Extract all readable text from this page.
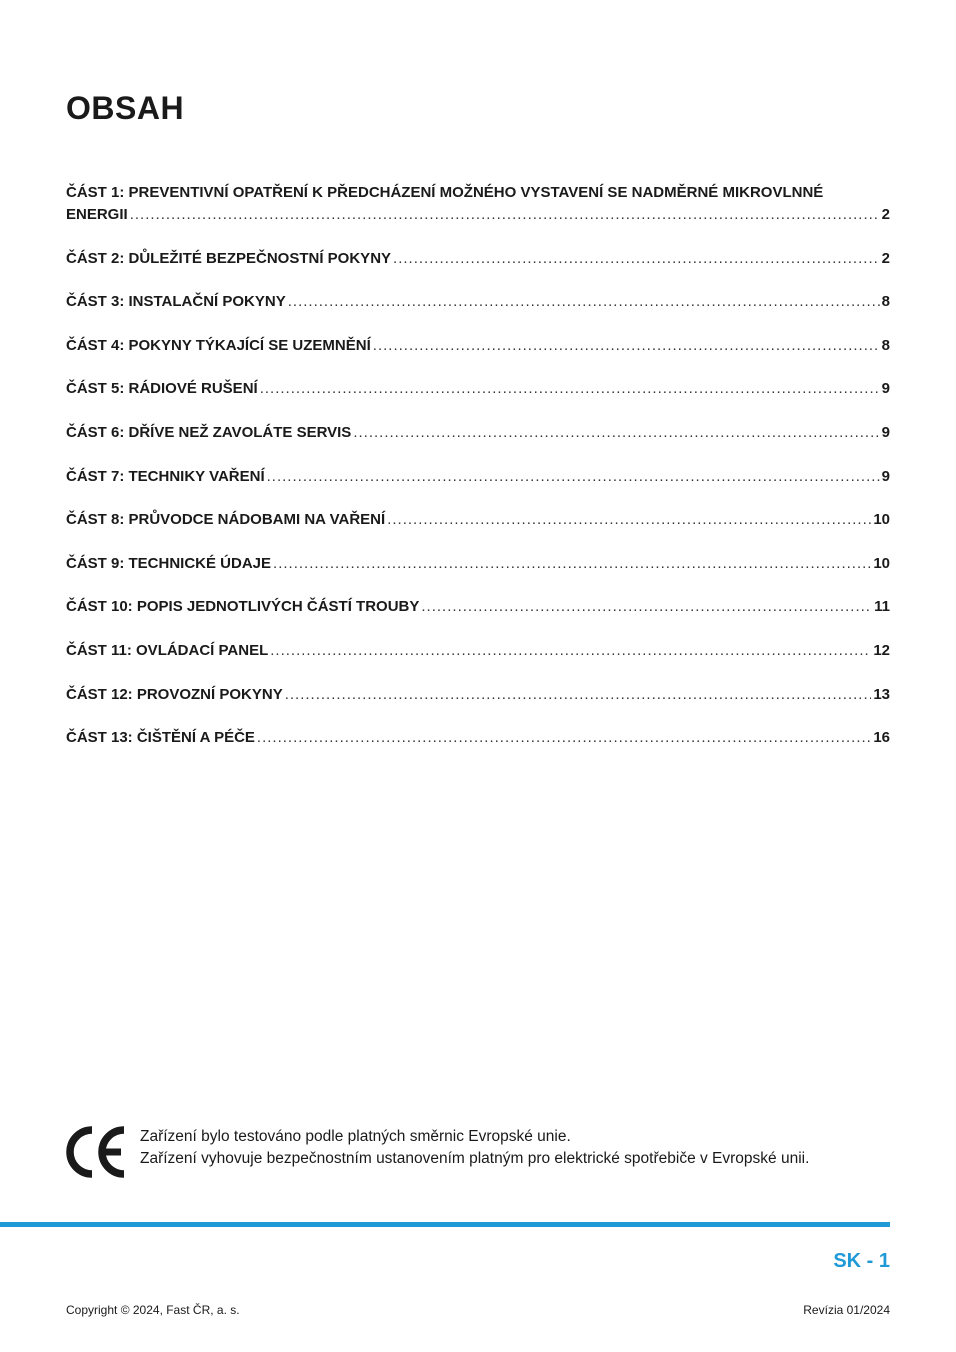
OBSAH
ČÁST 1: PREVENTIVNÍ OPATŘENÍ K PŘEDCHÁZENÍ MOŽNÉHO VYSTAVENÍ SE NADMĚRNÉ MIKROVLNNÉ
ENERGII .....	2
ČÁST 2: DŮLEŽITÉ BEZPEČNOSTNÍ POKYNY .....	2
ČÁST 3: INSTALAČNÍ POKYNY .....	8
ČÁST 4: POKYNY TÝKAJÍCÍ SE UZEMNĚNÍ .....	8
ČÁST 5: RÁDIOVÉ RUŠENÍ .....	9
ČÁST 6: DŘÍVE NEŽ ZAVOLÁTE SERVIS .....	9
ČÁST 7: TECHNIKY VAŘENÍ .....	9
ČÁST 8: PRŮVODCE NÁDOBAMI NA VAŘENÍ .....	10
ČÁST 9: TECHNICKÉ ÚDAJE .....	10
ČÁST 10: POPIS JEDNOTLIVÝCH ČÁSTÍ TROUBY .....	11
ČÁST 11: OVLÁDACÍ PANEL .....	12
ČÁST 12: PROVOZNÍ POKYNY .....	13
ČÁST 13: ČIŠTĚNÍ A PÉČE .....	16
Zařízení bylo testováno podle platných směrnic Evropské unie.
Zařízení vyhovuje bezpečnostním ustanovením platným pro elektrické spotřebiče v Evropské unii.
SK - 1
Copyright © 2024, Fast ČR, a. s.	Revízia 01/2024
